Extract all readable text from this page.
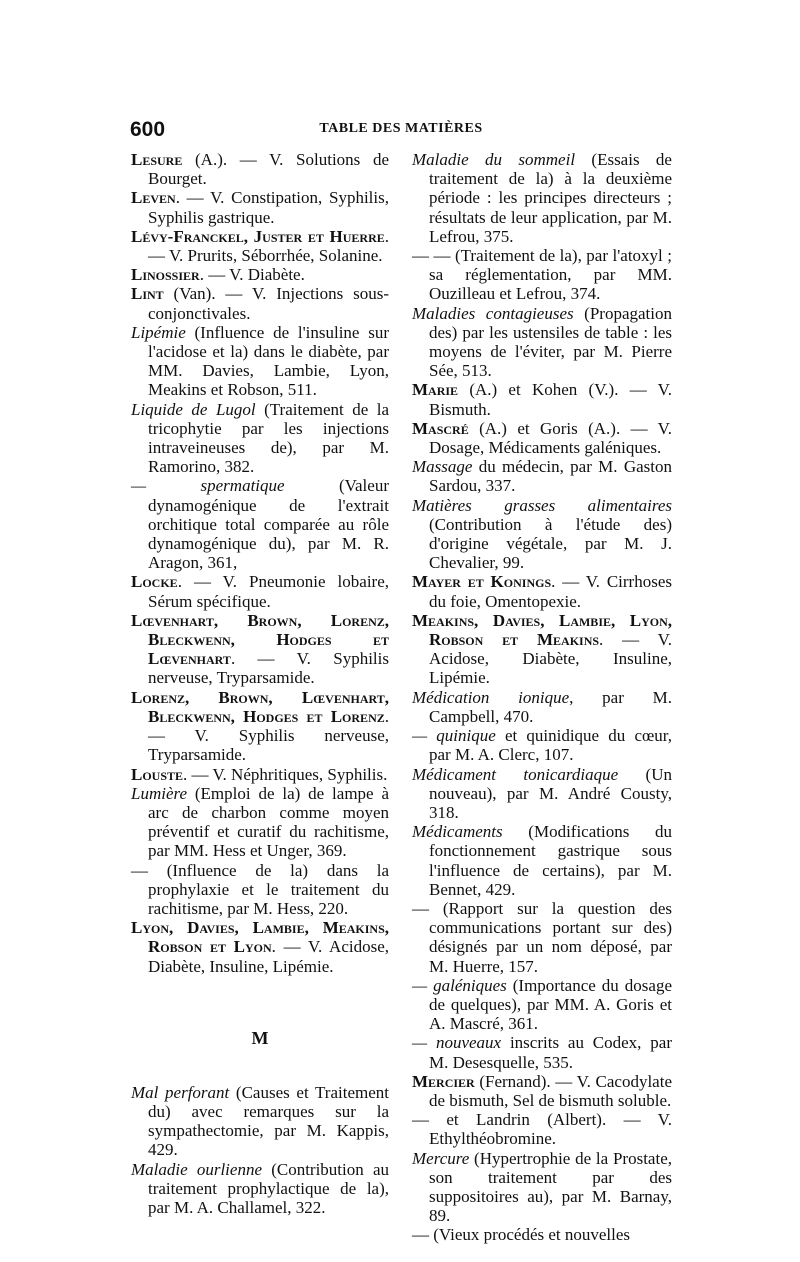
600	TABLE DES MATIÈRES

Lesure (A.). — V. Solutions de Bourget.

Leven. — V. Constipation, Syphilis, Syphilis gastrique.

Lévy-Franckel, Juster et Huerre. — V. Prurits, Séborrhée, Solanine.

Linossier. — V. Diabète.

Lint (Van). — V. Injections sous-conjonctivales.

Lipémie (Influence de l'insuline sur l'acidose et la) dans le diabète, par MM. Davies, Lambie, Lyon, Meakins et Robson, 511.

Liquide de Lugol (Traitement de la tricophytie par les injections intraveineuses de), par M. Ramorino, 382.

— spermatique (Valeur dynamogénique de l'extrait orchitique total comparée au rôle dynamogénique du), par M. R. Aragon, 361,

Locke. — V. Pneumonie lobaire, Sérum spécifique.

Lœvenhart, Brown, Lorenz, Bleckwenn, Hodges et Lœvenhart. — V. Syphilis nerveuse, Tryparsamide.

Lorenz, Brown, Lœvenhart, Bleckwenn, Hodges et Lorenz. — V. Syphilis nerveuse, Tryparsamide.

Louste. — V. Néphritiques, Syphilis.

Lumière (Emploi de la) de lampe à arc de charbon comme moyen préventif et curatif du rachitisme, par MM. Hess et Unger, 369.

— (Influence de la) dans la prophylaxie et le traitement du rachitisme, par M. Hess, 220.

Lyon, Davies, Lambie, Meakins, Robson et Lyon. — V. Acidose, Diabète, Insuline, Lipémie.

M

Mal perforant (Causes et Traitement du) avec remarques sur la sympathectomie, par M. Kappis, 429.

Maladie ourlienne (Contribution au traitement prophylactique de la), par M. A. Challamel, 322.

Maladie du sommeil (Essais de traitement de la) à la deuxième période : les principes directeurs ; résultats de leur application, par M. Lefrou, 375.

— — (Traitement de la), par l'atoxyl ; sa réglementation, par MM. Ouzilleau et Lefrou, 374.

Maladies contagieuses (Propagation des) par les ustensiles de table : les moyens de l'éviter, par M. Pierre Sée, 513.

Marie (A.) et Kohen (V.). — V. Bismuth.

Mascré (A.) et Goris (A.). — V. Dosage, Médicaments galéniques.

Massage du médecin, par M. Gaston Sardou, 337.

Matières grasses alimentaires (Contribution à l'étude des) d'origine végétale, par M. J. Chevalier, 99.

Mayer et Konings. — V. Cirrhoses du foie, Omentopexie.

Meakins, Davies, Lambie, Lyon, Robson et Meakins. — V. Acidose, Diabète, Insuline, Lipémie.

Médication ionique, par M. Campbell, 470.

— quinique et quinidique du cœur, par M. A. Clerc, 107.

Médicament tonicardiaque (Un nouveau), par M. André Cousty, 318.

Médicaments (Modifications du fonctionnement gastrique sous l'influence de certains), par M. Bennet, 429.

— (Rapport sur la question des communications portant sur des) désignés par un nom déposé, par M. Huerre, 157.

— galéniques (Importance du dosage de quelques), par MM. A. Goris et A. Mascré, 361.

— nouveaux inscrits au Codex, par M. Desesquelle, 535.

Mercier (Fernand). — V. Cacodylate de bismuth, Sel de bismuth soluble.

— et Landrin (Albert). — V. Ethylthéobromine.

Mercure (Hypertrophie de la Prostate, son traitement par des suppositoires au), par M. Barnay, 89.

— (Vieux procédés et nouvelles
